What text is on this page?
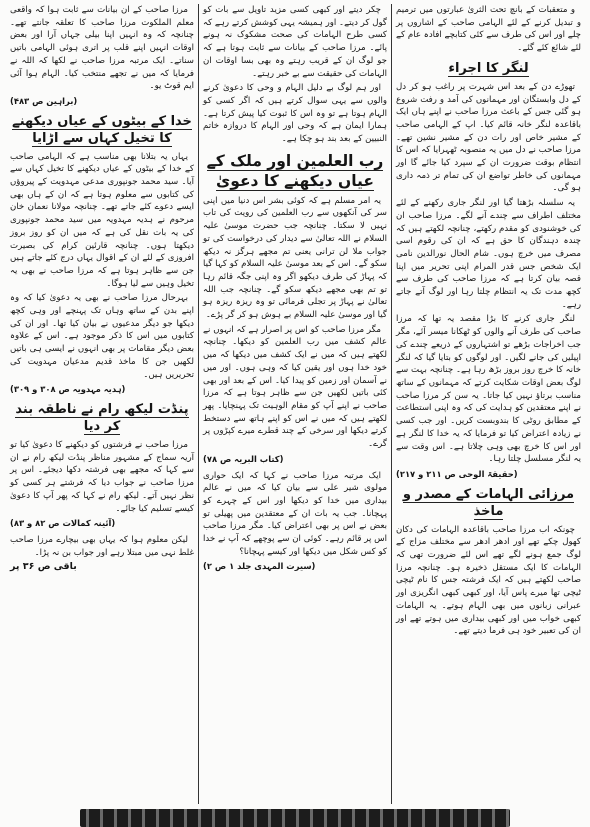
و متعقبات کے بانچ تحت الثریٰ عبارتوں میں ترمیم و تبدیل کرنے کے لئے الہامی صاحب کے اشاروں پر چلے اور اس کی طرف سے کئی کتابچے افادہ عام کے لئے شائع کئے گئے۔

لنگر کا اجراء

تھوڑے دن کے بعد اس شہرت پر راغب ہو کر دل کے دل وابستگان اور مہمانوں کی آمد و رفت شروع ہو گئی جس کے باعث مرزا صاحب نے اپنے ہاں ایک باقاعدہ لنگر خانہ قائم کیا۔ اپ کے الہامی صاحب کے مشیر خاص اور رات دن کے مشیر نشین تھے۔ مرزا صاحب نے دل میں یہ منصوبہ ٹھہرایا کہ اس کا انتظام بوقت ضرورت ان کے سپرد کیا جائے گا اور مہمانوں کی خاطر تواضع ان کی تمام تر ذمہ داری ہو گی۔

یہ سلسلہ بڑھتا گیا اور لنگر جاری رکھنے کے لئے مختلف اطراف سے چندے آنے لگے۔ مرزا صاحب ان کی خوشنودی کو مقدم رکھتے، چنانچہ لکھتے ہیں کہ چندہ دہندگان کا حق ہے کہ ان کی رقوم اسی مصرف میں خرچ ہوں۔ شام الحال نورالدین نامی ایک شخص جس قدر المرام اپنی تحریر میں اپنا قصہ بیان کرتا ہے کہ مرزا صاحب کی طرف سے کچھ مدت تک یہ انتظام چلتا رہا اور لوگ آتے جاتے رہے۔

لنگر جاری کرنے کا بڑا مقصد یہ تھا کہ مرزا صاحب کی طرف آنے والوں کو ٹھکانا میسر آئے، مگر جب اخراجات بڑھے تو اشتہاروں کے ذریعے چندے کی اپیلیں کی جانے لگیں۔ اور لوگوں کو بتایا گیا کہ لنگر خانہ کا خرچ روز بروز بڑھ رہا ہے۔ چنانچہ بہت سے لوگ بعض اوقات شکایت کرتے کہ مہمانوں کے ساتھ مناسب برتاؤ نہیں کیا جاتا۔ یہ سن کر مرزا صاحب نے اپنے معتقدین کو ہدایت کی کہ وہ اپنی استطاعت کے مطابق روٹی کا بندوبست کریں۔ اور جب کسی نے زیادہ اعتراض کیا تو فرمایا کہ یہ خدا کا لنگر ہے اور اس کا خرچ بھی وہی چلاتا ہے۔ اس وقت سے یہ لنگر مسلسل چلتا رہا۔

(حقیقۃ الوحی ص ۲۱۱ و ۲۱۷)
مرزائی الہامات کے مصدر و ماخذ

چونکہ اب مرزا صاحب باقاعدہ الہامات کی دکان کھول چکے تھے اور ادھر ادھر سے مختلف مزاج کے لوگ جمع ہونے لگے تھے اس لئے ضرورت تھی کہ الہامات کا ایک مستقل ذخیرہ ہو۔ چنانچہ مرزا صاحب لکھتے ہیں کہ ایک فرشتہ جس کا نام ٹیچی ٹیچی تھا میرے پاس آیا، اور کبھی کبھی انگریزی اور عبرانی زبانوں میں بھی الہام ہوتے۔ یہ الہامات کبھی خواب میں اور کبھی بیداری میں ہوتے تھے اور ان کی تعبیر خود ہی فرما دیتے تھے۔

چکر دیتے اور کبھی کسی مزید تاویل سے بات کو گول کر دیتے۔ اور ہمیشہ یہی کوشش کرتے رہے کہ کسی طرح الہامات کی صحت مشکوک نہ ہونے پائے۔ مرزا صاحب کے بیانات سے ثابت ہوتا ہے کہ جو لوگ ان کے قریب رہتے وہ بھی بسا اوقات ان الہامات کی حقیقت سے بے خبر رہتے۔

اور ہم لوگ بے دلیل الہام و وحی کا دعویٰ کرنے والوں سے یہی سوال کرتے ہیں کہ اگر کسی کو الہام ہوتا ہے تو وہ اس کا ثبوت کیا پیش کرتا ہے۔ ہمارا ایمان ہے کہ وحی اور الہام کا دروازہ خاتم النبیین کے بعد بند ہو چکا ہے۔

رب العلمین اور ملک کے عیاں دیکھنے کا دعویٰ

یہ امر مسلم ہے کہ کوئی بشر اس دنیا میں اپنی سر کی آنکھوں سے رب العلمین کی رویت کی تاب نہیں لا سکتا۔ چنانچہ جب حضرت موسیٰ علیہ السلام نے اللہ تعالیٰ سے دیدار کی درخواست کی تو جواب ملا لن ترانی یعنی تم مجھے ہرگز نہ دیکھ سکو گے۔ اس کے بعد موسیٰ علیہ السلام کو کہا گیا کہ پہاڑ کی طرف دیکھو اگر وہ اپنی جگہ قائم رہا تو تم بھی مجھے دیکھ سکو گے۔ چنانچہ جب اللہ تعالیٰ نے پہاڑ پر تجلی فرمائی تو وہ ریزہ ریزہ ہو گیا اور موسیٰ علیہ السلام بے ہوش ہو کر گر پڑے۔

مگر مرزا صاحب کو اس پر اصرار ہے کہ انہوں نے عالم کشف میں رب العلمین کو دیکھا۔ چنانچہ لکھتے ہیں کہ میں نے ایک کشف میں دیکھا کہ میں خود خدا ہوں اور یقین کیا کہ وہی ہوں۔ اور میں نے آسمان اور زمین کو پیدا کیا۔ اس کے بعد اور بھی کئی باتیں لکھیں جن سے ظاہر ہوتا ہے کہ مرزا صاحب نے اپنے آپ کو مقام الوہیت تک پہنچایا۔ پھر لکھتے ہیں کہ میں نے اس کو اپنے ہاتھ سے دستخط کرتے دیکھا اور سرخی کے چند قطرے میرے کپڑوں پر گرے۔

(کتاب البریہ ص ۷۸)

ایک مرتبہ مرزا صاحب نے کہا کہ ایک حواری مولوی شیر علی سے بیان کیا کہ میں نے عالم بیداری میں خدا کو دیکھا اور اس کے چہرے کو پہچانا۔ جب یہ بات ان کے معتقدین میں پھیلی تو بعض نے اس پر بھی اعتراض کیا۔ مگر مرزا صاحب اس پر قائم رہے۔ کوئی ان سے پوچھے کہ آپ نے خدا کو کس شکل میں دیکھا اور کیسے پہچانا؟

(سیرت المہدی جلد ۱ ص ۲)

مرزا صاحب کے ان بیانات سے ثابت ہوا کہ واقعی معلم الملکوت مرزا صاحب کا تعلقہ جانتے تھے۔ چنانچہ کہ وہ انہیں اپنا بیلی جہاں آرا اور بعض اوقات انہیں اپنے قلب پر اتری ہوئی الہامی باتیں سناتے۔ ایک مرتبہ مرزا صاحب نے لکھا کہ اللہ نے فرمایا کہ میں نے تجھے منتخب کیا۔ الہام ہوا آئی ایم قوٹ یو۔

(براہین ص ۴۸۳)
خدا کے بیٹوں کے عیاں دیکھنے کا تخیل کہاں سے اڑایا

یہاں یہ بتلانا بھی مناسب ہے کہ الہامی صاحب کے خدا کے بیٹوں کے عیاں دیکھنے کا تخیل کہاں سے آیا۔ سید محمد جونپوری مدعی مہدویت کے پیروؤں کی کتابوں سے معلوم ہوتا ہے کہ ان کے ہاں بھی ایسے دعوے کئے جاتے تھے۔ چنانچہ مولانا نعمان خان مرحوم نے ہدیہ مہدویہ میں سید محمد جونپوری کی یہ بات نقل کی ہے کہ میں ان کو روز بروز دیکھتا ہوں۔ چنانچہ قارئین کرام کی بصیرت افروزی کے لئے ان کے اقوال یہاں درج کئے جاتے ہیں جن سے ظاہر ہوتا ہے کہ مرزا صاحب نے بھی یہ تخیل وہیں سے لیا ہوگا۔

بہرحال مرزا صاحب نے بھی یہ دعویٰ کیا کہ وہ اپنے بدن کے ساتھ وہاں تک پہنچے اور وہی کچھ دیکھا جو دیگر مدعیوں نے بیان کیا تھا۔ اور ان کی کتابوں میں اس کا ذکر موجود ہے۔ اس کے علاوہ بعض دیگر مقامات پر بھی انہوں نے ایسی ہی باتیں لکھیں جن کا ماخذ قدیم مدعیان مہدویت کی تحریریں ہیں۔

(ہدیہ مہدویہ ص ۳۰۸ و ۳۰۹)
پنڈت لیکھ رام نے ناطقہ بند کر دیا

مرزا صاحب نے فرشتوں کو دیکھنے کا دعویٰ کیا تو آریہ سماج کے مشہور مناظر پنڈت لیکھ رام نے ان سے کہا کہ مجھے بھی فرشتہ دکھا دیجئے۔ اس پر مرزا صاحب نے جواب دیا کہ فرشتے ہر کسی کو نظر نہیں آتے۔ لیکھ رام نے کہا کہ پھر آپ کا دعویٰ کیسے تسلیم کیا جائے۔

(آئینہ کمالات ص ۸۲ و ۸۳)

لیکن معلوم ہوا کہ یہاں بھی بیچارے مرزا صاحب غلط نہی میں مبتلا رہے اور جواب بن نہ پڑا۔

باقی ص ۳۶ پر
